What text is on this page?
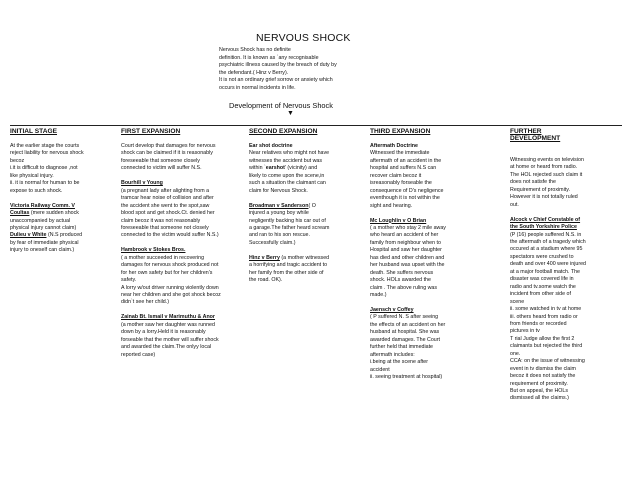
NERVOUS SHOCK
Nervous Shock has no definite
definition. It is known as `any recognisable
psychiatric illness caused by the breach of duty by
the defendant.( Hinz v Berry).
It is not an ordinary grief sorrow or anxiety which
occurs in normal incidents in life.
Development of Nervous Shock
▼
INITIAL STAGE	FIRST EXPANSION	SECOND EXPANSION	THIRD EXPANSION	FURTHER
DEVELOPMENT
At the earlier stage the courts
reject liability for nervous shock
becoz
i.it is difficult to diagnose ,not
like physical injury.
ii. it is normal for human to be
expose to such shock.
Victoria Railway Comm. V
Coultas (mere sudden shock
unaccompanied by actual
physical injury cannot claim)
Dulieu v White (N.S produced
by fear of immediate physical
injury to oneself can claim.)
Court develop that damages for nervous
shock can be claimed if it is reasonably
foreseeable that someone closely
connected to victim will suffer N.S.
Bourhill v Young
(a pregnant lady after alighting from a
tramcar hear noise of collision and after
the accident she went to the spot,saw
blood spot and get shock.Ct. denied her
claim becoz it was not reasonably
foreseeable that someone not closely
connected to the victim would suffer N.S.)
Hambrook v Stokes Bros.
( a mother succeeded in recovering
damages for nervous shock produced not
for her own safety but for her children's
safety.
A lorry w/out driver running violently down
near her children and she got shock becoz
didn`t see her child.)
Zainab Bt. Ismail v Marimuthu & Anor
(a mother saw her daughter was runned
down by a lorry.Held it is reasonably
forseable that the mother will suffer shock
and awarded the claim.The onlyy local
reported case)
Ear shot doctrine
Near relatives who might not have
witnesses the accident but was
within `earshot' (vicinity) and
likely to come upon the scene,in
such a situation the claimant can
claim for Nervous Shock.
Broadman v Sanderson( O
injured a young boy while
negligently backing his car out of
a garage.The father heard scream
and ran to his son rescue.
Successfully claim.)
Hinz v Berry (a mother witnessed
a horrifying and tragic accident to
her family from the other side of
the road. OK).
Aftermath Doctrine
Witnessed the immediate
aftermath of an accident in the
hospital and suffers N.S can
recover claim becoz it
isreasonably forseable the
consequence of D's negligence
eventhough it is not within the
sight and hearing.
Mc Loughlin v O Brian
( a mother who stay 2 mile away
who heard an accident of her
family from neighbour when to
Hospital and saw her daughter
has died and other children and
her husband was upset with the
death. She suffers nervous
shock. HOLs awarded the
claim . The above ruling was
made.)
Jaensch v Coffey
( P suffered N. S after seeing
the effects of an accident on her
husband at hospital. She was
awarded damages. The Court
further held that immediate
aftermath includes:
i.being at the scene after
accident
ii. seeing treatment at hospital)
Witnessing events on television
at home or heard from radio.
The HOL rejected such claim it
does not satisfe the
Requirement of proximity.
However it is not totally ruled
out.
Alcock v Chief Constable of
the South Yorkshire Police
(P (16) people suffered N.S. in
the aftermath of a tragedy which
occured at a stadium where 95
spectators were crushed to
death and over 400 were injured
at a major football match. The
disaster was covered life in
radio and tv.some watch the
incident from other side of
scene
ii. some watched in tv at home
iii. others heard from radio or
from friends or recorded
pictures in tv
T rial Judge allow the first 2
claimants but rejected the third
one.
CCA: on the issue of witnessing
event in tv dismiss the claim
becoz it does not satisfy the
requirement of proximity.
But on appeal, the HOLs
dismissed all the claims.)
